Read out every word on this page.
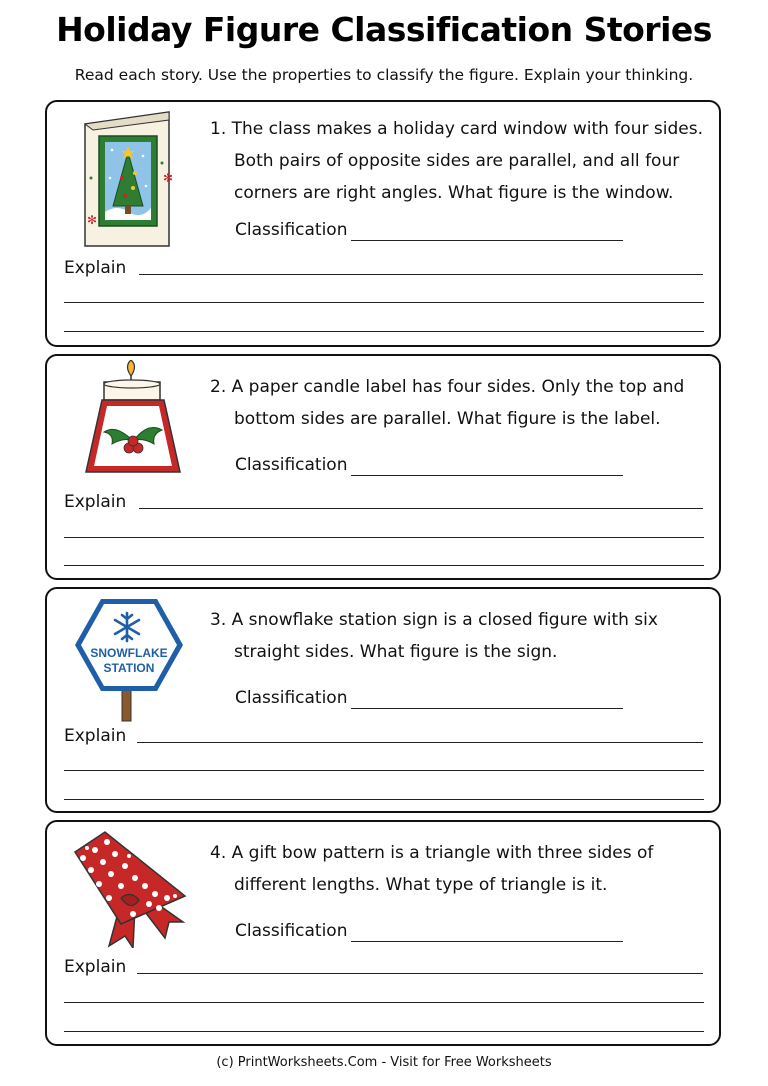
Holiday Figure Classification Stories
Read each story. Use the properties to classify the figure. Explain your thinking.
✻
✻
1. The class makes a holiday card window with four sides. Both pairs of opposite sides are parallel, and all four corners are right angles. What figure is the window.
Classification
Explain
2. A paper candle label has four sides. Only the top and bottom sides are parallel. What figure is the label.
Classification
Explain
SNOWFLAKE
STATION
3. A snowflake station sign is a closed figure with six straight sides. What figure is the sign.
Classification
Explain
4. A gift bow pattern is a triangle with three sides of different lengths. What type of triangle is it.
Classification
Explain
(c) PrintWorksheets.Com - Visit for Free Worksheets
